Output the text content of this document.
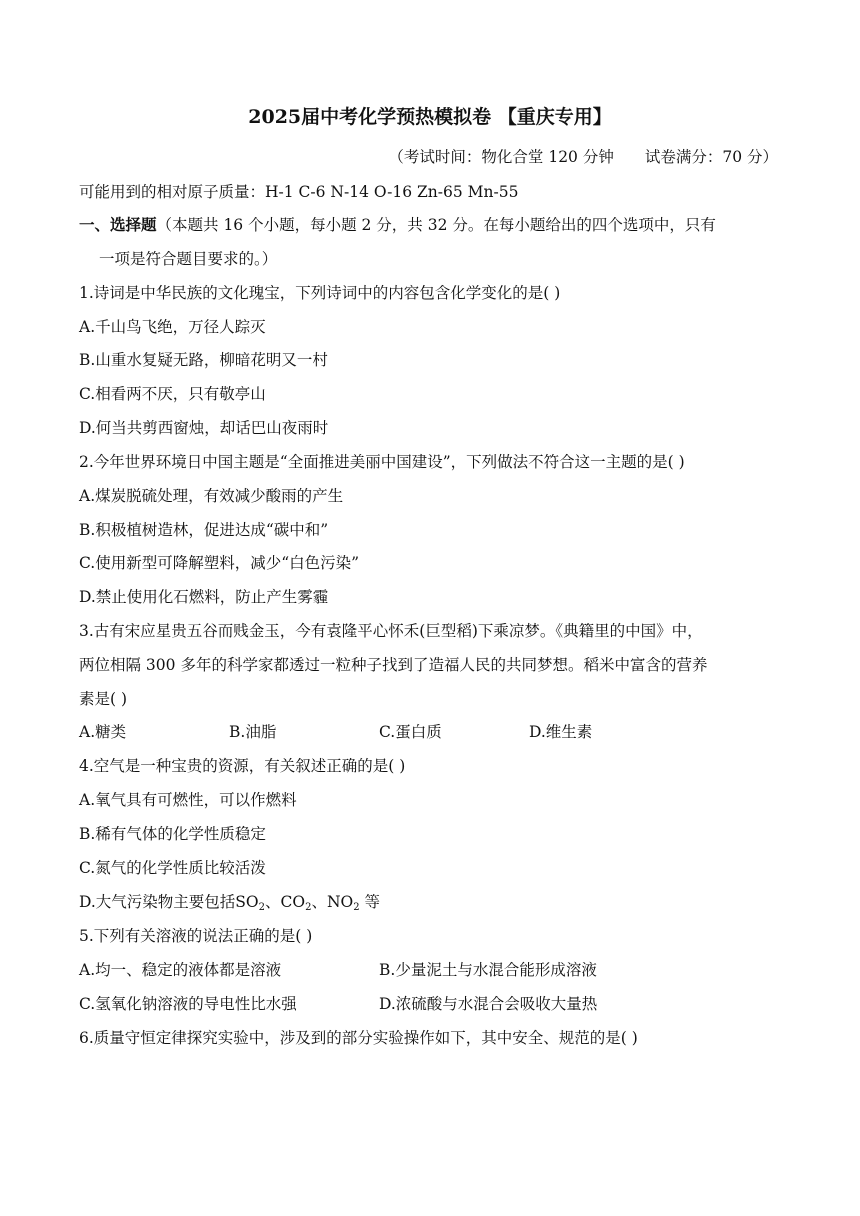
2025届中考化学预热模拟卷 【重庆专用】
（考试时间：物化合堂 120 分钟　　试卷满分：70 分）
可能用到的相对原子质量：H-1 C-6 N-14 O-16 Zn-65 Mn-55
一、选择题（本题共 16 个小题，每小题 2 分，共 32 分。在每小题给出的四个选项中，只有
一项是符合题目要求的。）
1.诗词是中华民族的文化瑰宝，下列诗词中的内容包含化学变化的是( )
A.千山鸟飞绝，万径人踪灭
B.山重水复疑无路，柳暗花明又一村
C.相看两不厌，只有敬亭山
D.何当共剪西窗烛，却话巴山夜雨时
2.今年世界环境日中国主题是“全面推进美丽中国建设”，下列做法不符合这一主题的是( )
A.煤炭脱硫处理，有效减少酸雨的产生
B.积极植树造林，促进达成“碳中和”
C.使用新型可降解塑料，减少“白色污染”
D.禁止使用化石燃料，防止产生雾霾
3.古有宋应星贵五谷而贱金玉，今有袁隆平心怀禾(巨型稻)下乘凉梦。《典籍里的中国》中，
两位相隔 300 多年的科学家都透过一粒种子找到了造福人民的共同梦想。稻米中富含的营养
素是( )
A.糖类	B.油脂	C.蛋白质	D.维生素
4.空气是一种宝贵的资源，有关叙述正确的是( )
A.氧气具有可燃性，可以作燃料
B.稀有气体的化学性质稳定
C.氮气的化学性质比较活泼
D.大气污染物主要包括$SO_2$、$CO_2$、$NO_2$ 等
5.下列有关溶液的说法正确的是( )
A.均一、稳定的液体都是溶液	B.少量泥土与水混合能形成溶液
C.氢氧化钠溶液的导电性比水强	D.浓硫酸与水混合会吸收大量热
6.质量守恒定律探究实验中，涉及到的部分实验操作如下，其中安全、规范的是( )
